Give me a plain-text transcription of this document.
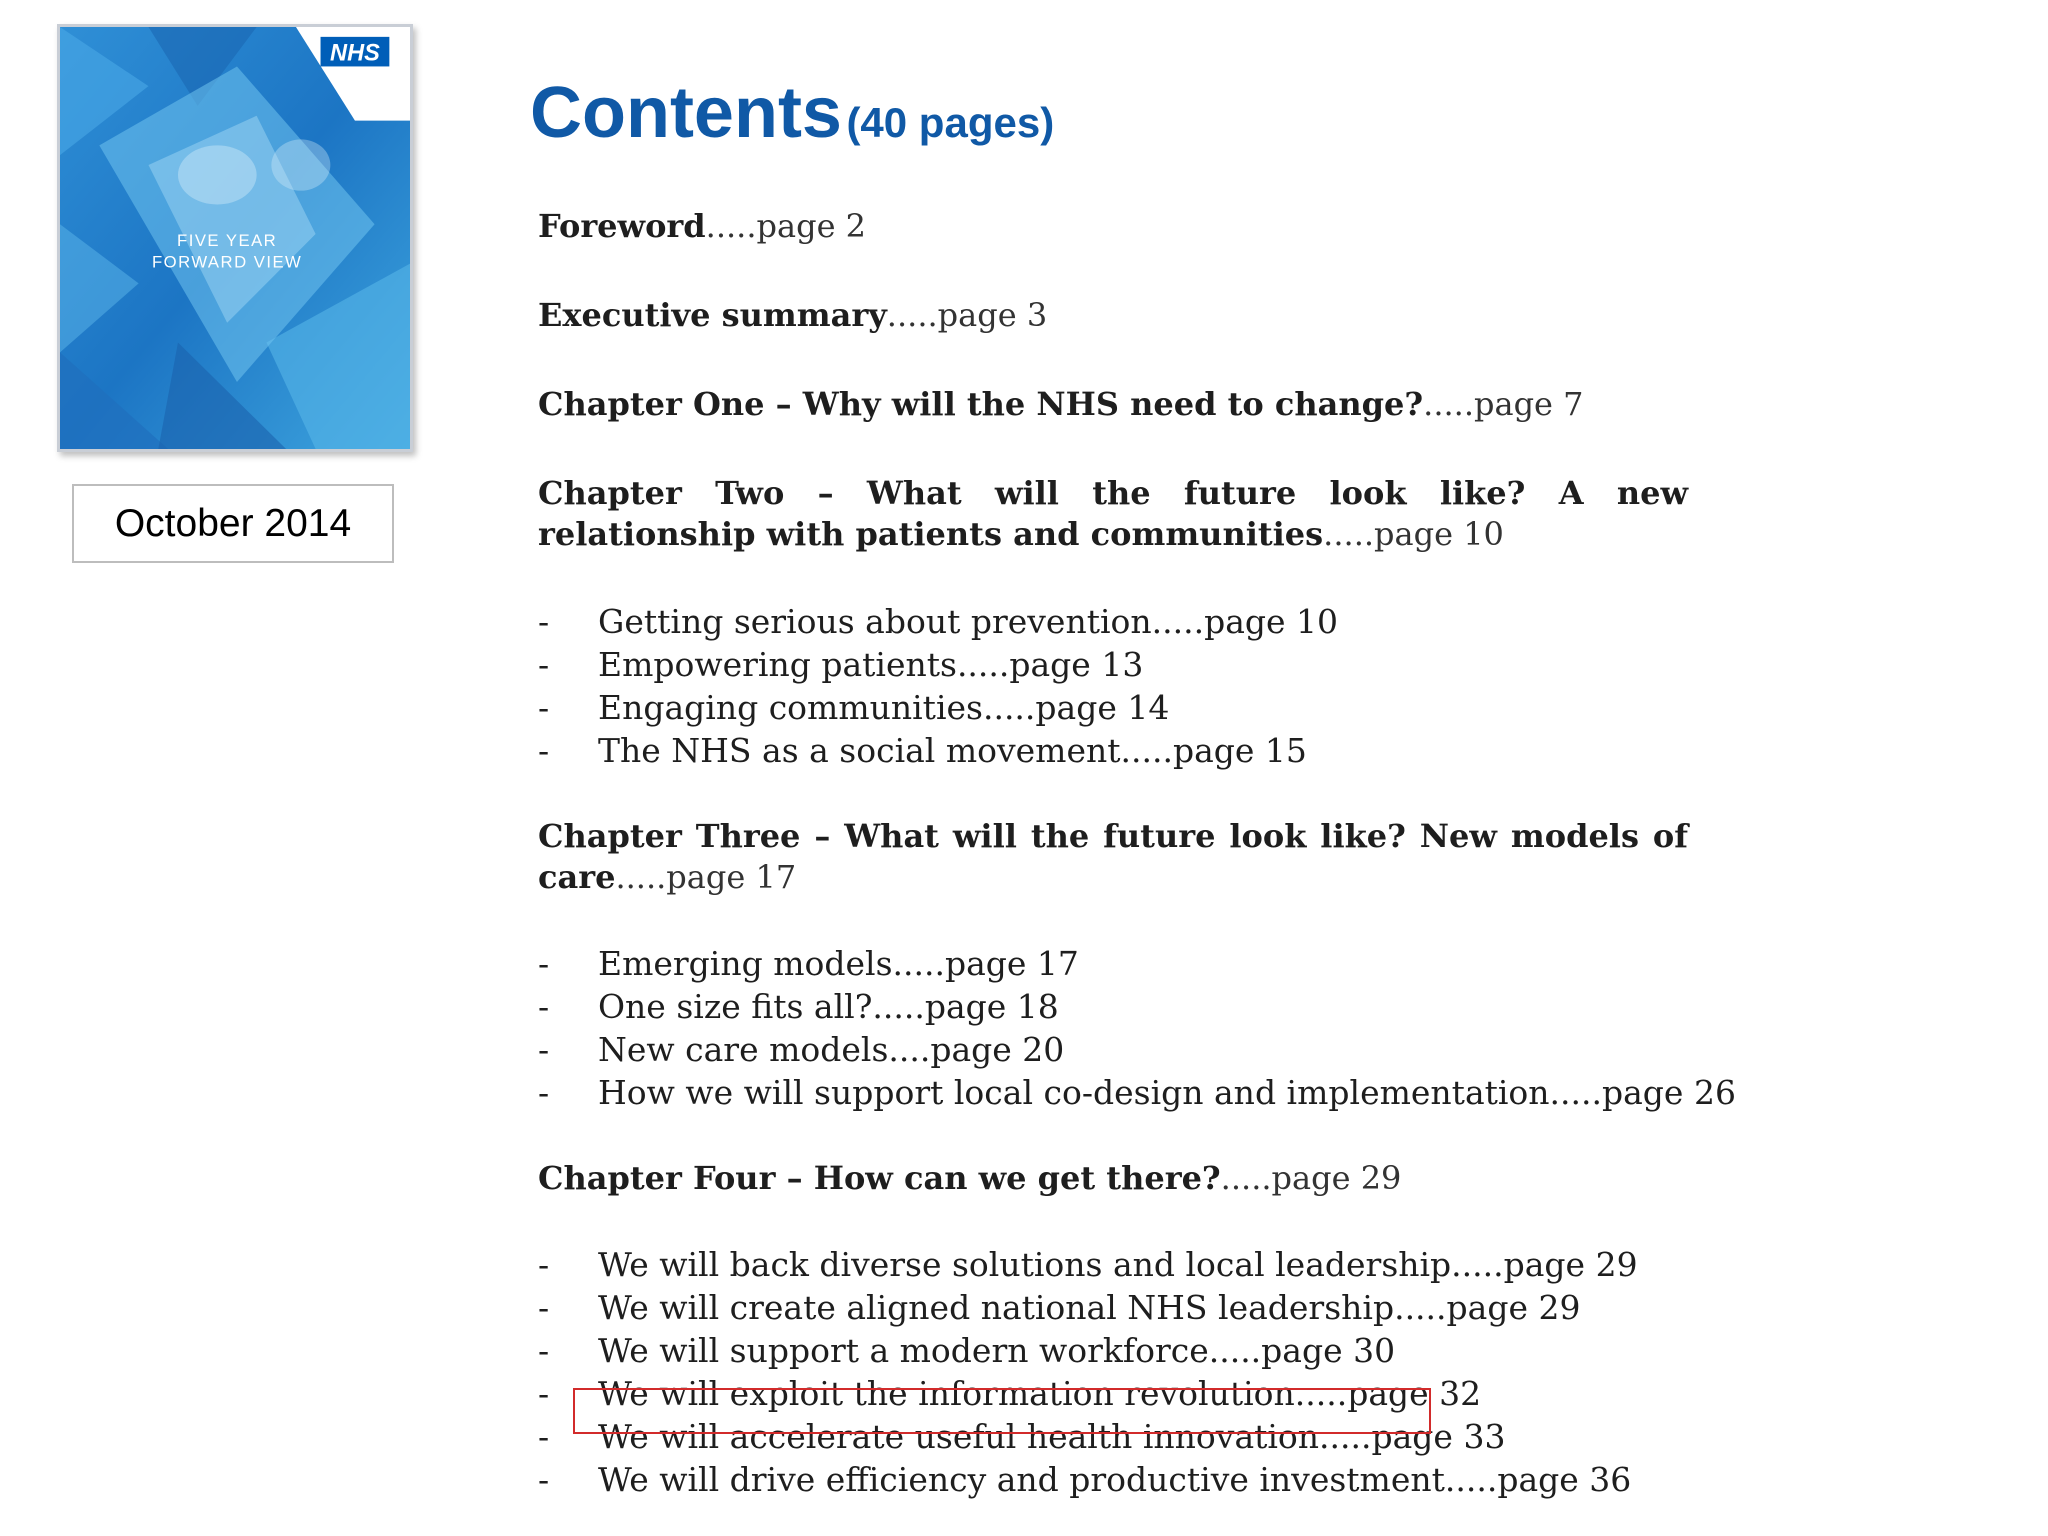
NHS
FIVE YEAR
FORWARD VIEW
October 2014
Contents (40 pages)
Foreword.....page 2
Executive summary.....page 3
Chapter One – Why will the NHS need to change?.....page 7
Chapter Two – What will the future look like? A new relationship with patients and communities.....page 10
- Getting serious about prevention.....page 10
- Empowering patients.....page 13
- Engaging communities.....page 14
- The NHS as a social movement.....page 15
Chapter Three – What will the future look like? New models of care.....page 17
- Emerging models.....page 17
- One size fits all?.....page 18
- New care models....page 20
- How we will support local co-design and implementation.....page 26
Chapter Four – How can we get there?.....page 29
- We will back diverse solutions and local leadership.....page 29
- We will create aligned national NHS leadership.....page 29
- We will support a modern workforce.....page 30
- We will exploit the information revolution.....page 32
- We will accelerate useful health innovation.....page 33
- We will drive efficiency and productive investment.....page 36
